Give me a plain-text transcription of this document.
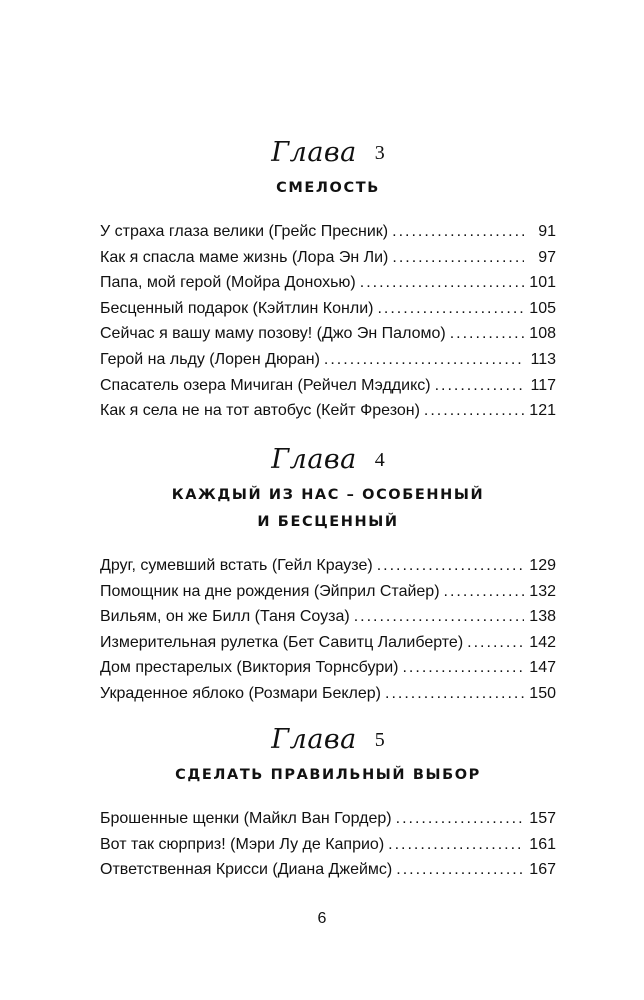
Глава 3
СМЕЛОСТЬ
У страха глаза велики (Грейс Пресник) .....	91
Как я спасла маме жизнь (Лора Эн Ли) .....	97
Папа, мой герой (Мойра Донохью) .....	101
Бесценный подарок (Кэйтлин Конли) .....	105
Сейчас я вашу маму позову! (Джо Эн Паломо) .....	108
Герой на льду (Лорен Дюран) .....	113
Спасатель озера Мичиган (Рейчел Мэддикс) .....	117
Как я села не на тот автобус (Кейт Фрезон) .....	121
Глава 4
КАЖДЫЙ ИЗ НАС – ОСОБЕННЫЙ
И БЕСЦЕННЫЙ
Друг, сумевший встать (Гейл Краузе) .....	129
Помощник на дне рождения (Эйприл Стайер) .....	132
Вильям, он же Билл (Таня Соуза) .....	138
Измерительная рулетка (Бет Савитц Лалиберте) .....	142
Дом престарелых (Виктория Торнсбури) .....	147
Украденное яблоко (Розмари Беклер) .....	150
Глава 5
СДЕЛАТЬ ПРАВИЛЬНЫЙ ВЫБОР
Брошенные щенки (Майкл Ван Гордер) .....	157
Вот так сюрприз! (Мэри Лу де Каприо) .....	161
Ответственная Крисси (Диана Джеймс) .....	167
6
